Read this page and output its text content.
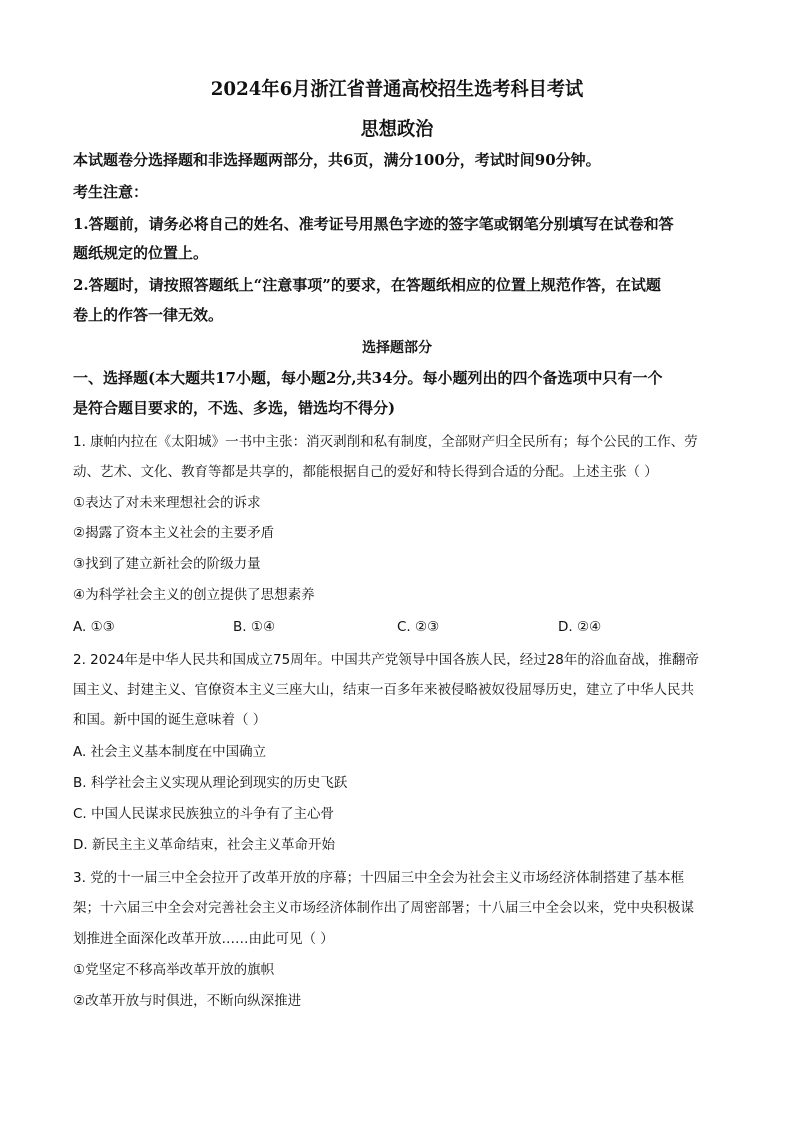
2024年6月浙江省普通高校招生选考科目考试
思想政治
本试题卷分选择题和非选择题两部分，共6页，满分100分，考试时间90分钟。
考生注意：
1.答题前，请务必将自己的姓名、准考证号用黑色字迹的签字笔或钢笔分别填写在试卷和答
题纸规定的位置上。
2.答题时，请按照答题纸上“注意事项”的要求，在答题纸相应的位置上规范作答，在试题
卷上的作答一律无效。
选择题部分
一、选择题(本大题共17小题，每小题2分,共34分。每小题列出的四个备选项中只有一个
是符合题目要求的，不选、多选，错选均不得分)
1. 康帕内拉在《太阳城》一书中主张：消灭剥削和私有制度，全部财产归全民所有；每个公民的工作、劳
动、艺术、文化、教育等都是共享的，都能根据自己的爱好和特长得到合适的分配。上述主张（ ）
①表达了对未来理想社会的诉求
②揭露了资本主义社会的主要矛盾
③找到了建立新社会的阶级力量
④为科学社会主义的创立提供了思想素养
A. ①③	B. ①④	C. ②③	D. ②④
2. 2024年是中华人民共和国成立75周年。中国共产党领导中国各族人民，经过28年的浴血奋战，推翻帝
国主义、封建主义、官僚资本主义三座大山，结束一百多年来被侵略被奴役屈辱历史，建立了中华人民共
和国。新中国的诞生意味着（ ）
A. 社会主义基本制度在中国确立
B. 科学社会主义实现从理论到现实的历史飞跃
C. 中国人民谋求民族独立的斗争有了主心骨
D. 新民主主义革命结束，社会主义革命开始
3. 党的十一届三中全会拉开了改革开放的序幕；十四届三中全会为社会主义市场经济体制搭建了基本框
架；十六届三中全会对完善社会主义市场经济体制作出了周密部署；十八届三中全会以来，党中央积极谋
划推进全面深化改革开放……由此可见（ ）
①党坚定不移高举改革开放的旗帜
②改革开放与时俱进，不断向纵深推进
